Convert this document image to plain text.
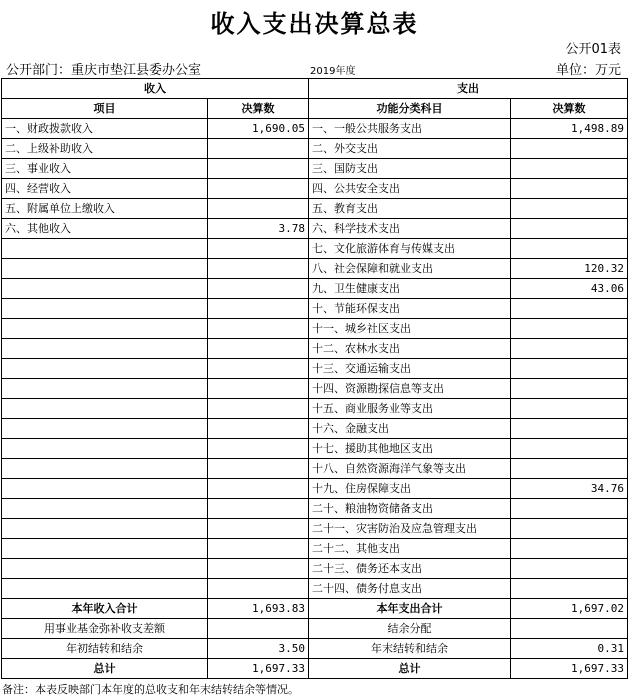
收入支出决算总表
公开01表
公开部门：重庆市垫江县委办公室	2019年度	单位：万元
收入		支出	
项目	决算数	功能分类科目	决算数
一、财政拨款收入	1,690.05	一、一般公共服务支出	1,498.89
二、上级补助收入		二、外交支出	
三、事业收入		三、国防支出	
四、经营收入		四、公共安全支出	
五、附属单位上缴收入		五、教育支出	
六、其他收入	3.78	六、科学技术支出	
		七、文化旅游体育与传媒支出	
		八、社会保障和就业支出	120.32
		九、卫生健康支出	43.06
		十、节能环保支出	
		十一、城乡社区支出	
		十二、农林水支出	
		十三、交通运输支出	
		十四、资源勘探信息等支出	
		十五、商业服务业等支出	
		十六、金融支出	
		十七、援助其他地区支出	
		十八、自然资源海洋气象等支出	
		十九、住房保障支出	34.76
		二十、粮油物资储备支出	
		二十一、灾害防治及应急管理支出	
		二十二、其他支出	
		二十三、债务还本支出	
		二十四、债务付息支出	
本年收入合计	1,693.83	本年支出合计	1,697.02
用事业基金弥补收支差额		结余分配	
年初结转和结余	3.50	年末结转和结余	0.31
总计	1,697.33	总计	1,697.33
备注：本表反映部门本年度的总收支和年末结转结余等情况。
